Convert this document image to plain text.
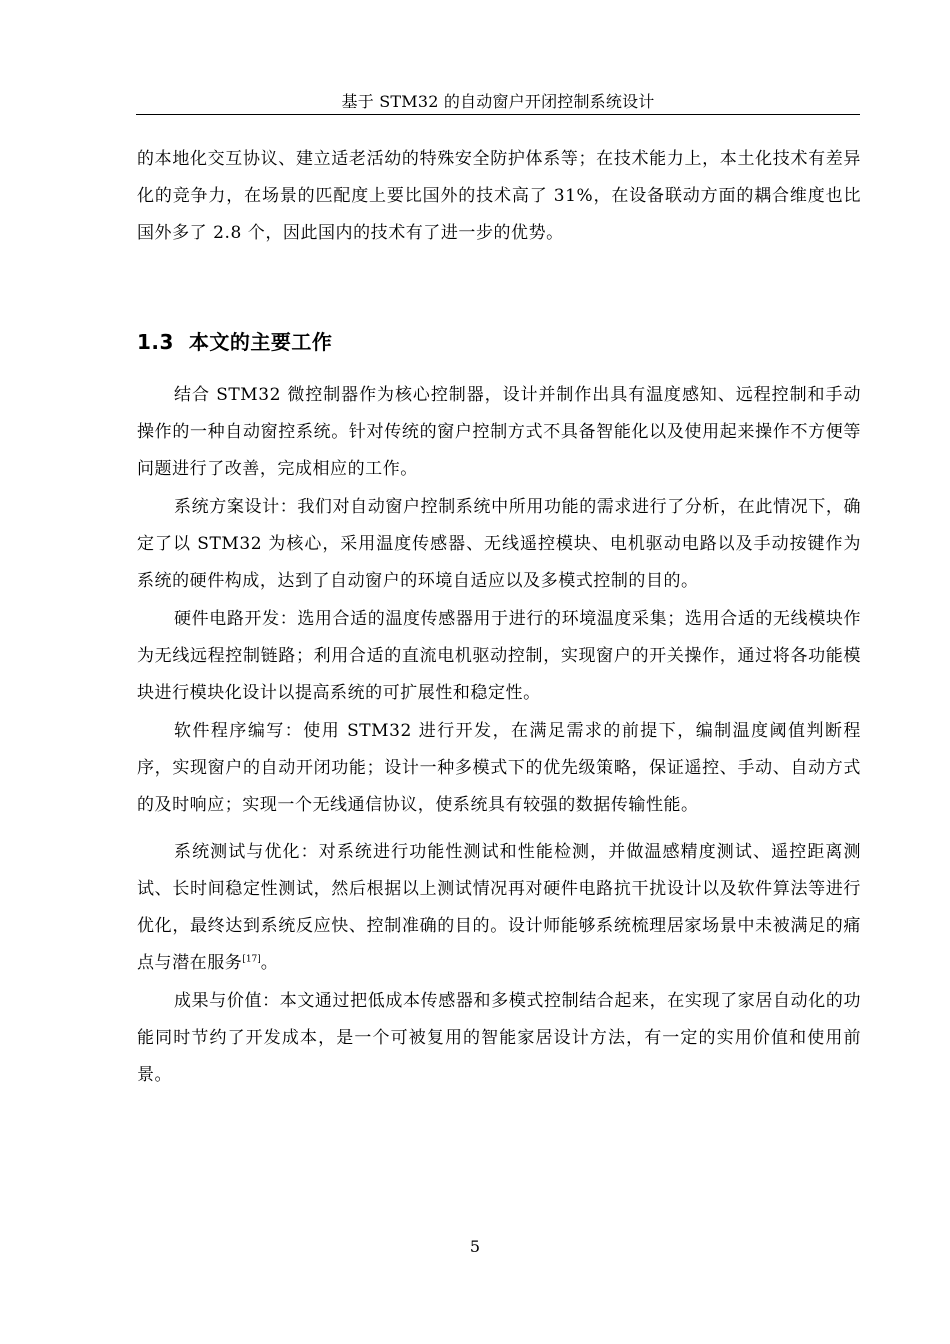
基于 STM32 的自动窗户开闭控制系统设计

的本地化交互协议、建立适老活幼的特殊安全防护体系等；在技术能力上，本土化技术有差异化的竞争力，在场景的匹配度上要比国外的技术高了 31%，在设备联动方面的耦合维度也比国外多了 2.8 个，因此国内的技术有了进一步的优势。

1.3 本文的主要工作

结合 STM32 微控制器作为核心控制器，设计并制作出具有温度感知、远程控制和手动操作的一种自动窗控系统。针对传统的窗户控制方式不具备智能化以及使用起来操作不方便等问题进行了改善，完成相应的工作。

系统方案设计：我们对自动窗户控制系统中所用功能的需求进行了分析，在此情况下，确定了以 STM32 为核心，采用温度传感器、无线遥控模块、电机驱动电路以及手动按键作为系统的硬件构成，达到了自动窗户的环境自适应以及多模式控制的目的。

硬件电路开发：选用合适的温度传感器用于进行的环境温度采集；选用合适的无线模块作为无线远程控制链路；利用合适的直流电机驱动控制，实现窗户的开关操作，通过将各功能模块进行模块化设计以提高系统的可扩展性和稳定性。

软件程序编写：使用 STM32 进行开发，在满足需求的前提下，编制温度阈值判断程序，实现窗户的自动开闭功能；设计一种多模式下的优先级策略，保证遥控、手动、自动方式的及时响应；实现一个无线通信协议，使系统具有较强的数据传输性能。

系统测试与优化：对系统进行功能性测试和性能检测，并做温感精度测试、遥控距离测试、长时间稳定性测试，然后根据以上测试情况再对硬件电路抗干扰设计以及软件算法等进行优化，最终达到系统反应快、控制准确的目的。设计师能够系统梳理居家场景中未被满足的痛点与潜在服务[17]。

成果与价值：本文通过把低成本传感器和多模式控制结合起来，在实现了家居自动化的功能同时节约了开发成本，是一个可被复用的智能家居设计方法，有一定的实用价值和使用前景。

5
